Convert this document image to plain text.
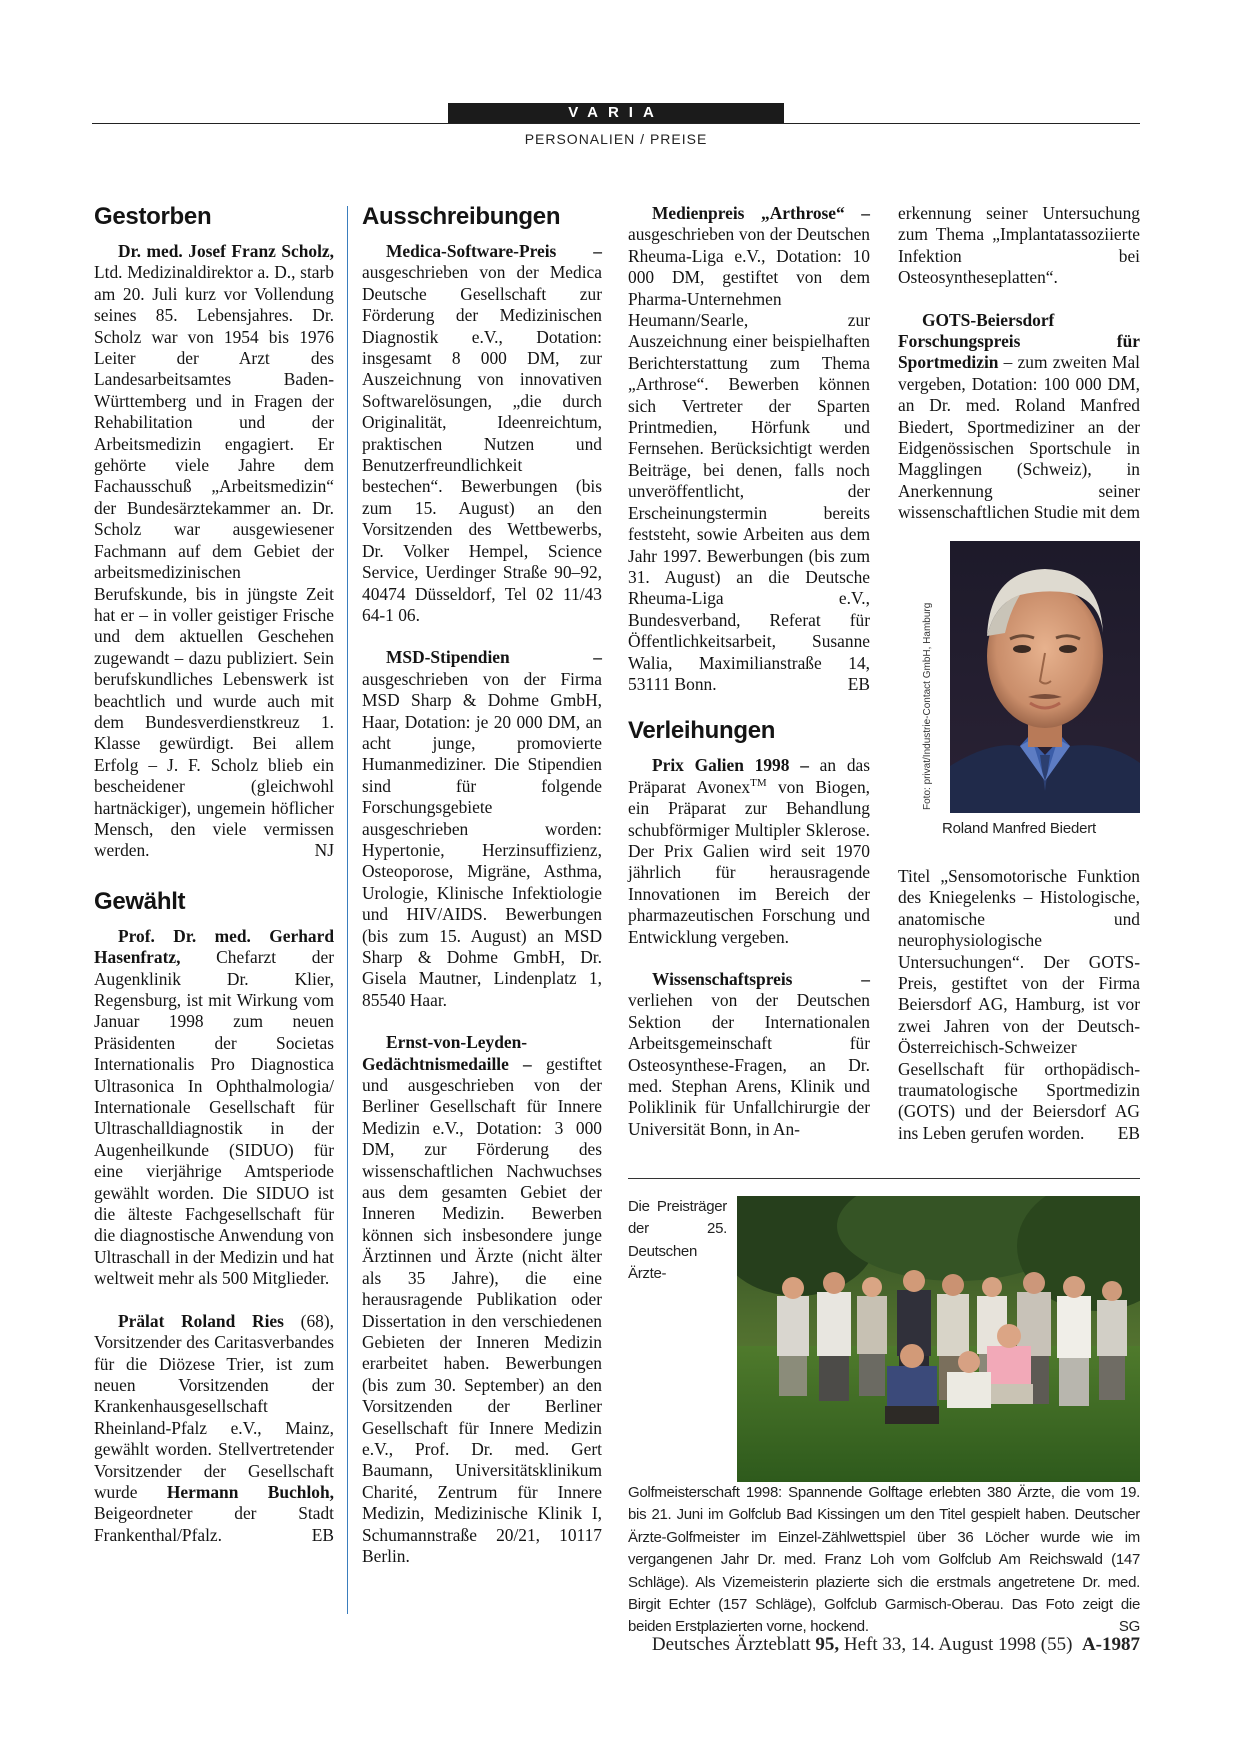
VARIA
PERSONALIEN / PREISE
Gestorben

Dr. med. Josef Franz Scholz, Ltd. Medizinaldirektor a. D., starb am 20. Juli kurz vor Vollendung seines 85. Lebensjahres. Dr. Scholz war von 1954 bis 1976 Leiter der Arzt des Landesarbeitsamtes Baden-Württemberg und in Fragen der Rehabilitation und der Arbeitsmedizin engagiert. Er gehörte viele Jahre dem Fachausschuß „Arbeitsmedizin“ der Bundesärztekammer an. Dr. Scholz war ausgewiesener Fachmann auf dem Gebiet der arbeitsmedizinischen Berufskunde, bis in jüngste Zeit hat er – in voller geistiger Frische und dem aktuellen Geschehen zugewandt – dazu publiziert. Sein berufskundliches Lebenswerk ist beachtlich und wurde auch mit dem Bundesverdienstkreuz 1. Klasse gewürdigt. Bei allem Erfolg – J. F. Scholz blieb ein bescheidener (gleichwohl hartnäckiger), ungemein höflicher Mensch, den viele vermissen werden.	NJ

Gewählt

Prof. Dr. med. Gerhard Hasenfratz, Chefarzt der Augenklinik Dr. Klier, Regensburg, ist mit Wirkung vom Januar 1998 zum neuen Präsidenten der Societas Internationalis Pro Diagnostica Ultrasonica In Ophthalmologia/ Internationale Gesellschaft für Ultraschalldiagnostik in der Augenheilkunde (SIDUO) für eine vierjährige Amtsperiode gewählt worden. Die SIDUO ist die älteste Fachgesellschaft für die diagnostische Anwendung von Ultraschall in der Medizin und hat weltweit mehr als 500 Mitglieder.

Prälat Roland Ries (68), Vorsitzender des Caritasverbandes für die Diözese Trier, ist zum neuen Vorsitzenden der Krankenhausgesellschaft Rheinland-Pfalz e.V., Mainz, gewählt worden. Stellvertretender Vorsitzender der Gesellschaft wurde Hermann Buchloh, Beigeordneter der Stadt Frankenthal/Pfalz.	EB

Ausschreibungen

Medica-Software-Preis – ausgeschrieben von der Medica Deutsche Gesellschaft zur Förderung der Medizinischen Diagnostik e.V., Dotation: insgesamt 8 000 DM, zur Auszeichnung von innovativen Softwarelösungen, „die durch Originalität, Ideenreichtum, praktischen Nutzen und Benutzerfreundlichkeit bestechen“. Bewerbungen (bis zum 15. August) an den Vorsitzenden des Wettbewerbs, Dr. Volker Hempel, Science Service, Uerdinger Straße 90–92, 40474 Düsseldorf, Tel 02 11/43 64-1 06.

MSD-Stipendien – ausgeschrieben von der Firma MSD Sharp & Dohme GmbH, Haar, Dotation: je 20 000 DM, an acht junge, promovierte Humanmediziner. Die Stipendien sind für folgende Forschungsgebiete ausgeschrieben worden: Hypertonie, Herzinsuffizienz, Osteoporose, Migräne, Asthma, Urologie, Klinische Infektiologie und HIV/AIDS. Bewerbungen (bis zum 15. August) an MSD Sharp & Dohme GmbH, Dr. Gisela Mautner, Lindenplatz 1, 85540 Haar.

Ernst-von-Leyden-Gedächtnismedaille – gestiftet und ausgeschrieben von der Berliner Gesellschaft für Innere Medizin e.V., Dotation: 3 000 DM, zur Förderung des wissenschaftlichen Nachwuchses aus dem gesamten Gebiet der Inneren Medizin. Bewerben können sich insbesondere junge Ärztinnen und Ärzte (nicht älter als 35 Jahre), die eine herausragende Publikation oder Dissertation in den verschiedenen Gebieten der Inneren Medizin erarbeitet haben. Bewerbungen (bis zum 30. September) an den Vorsitzenden der Berliner Gesellschaft für Innere Medizin e.V., Prof. Dr. med. Gert Baumann, Universitätsklinikum Charité, Zentrum für Innere Medizin, Medizinische Klinik I, Schumannstraße 20/21, 10117 Berlin.

Medienpreis „Arthrose“ – ausgeschrieben von der Deutschen Rheuma-Liga e.V., Dotation: 10 000 DM, gestiftet von dem Pharma-Unternehmen Heumann/Searle, zur Auszeichnung einer beispielhaften Berichterstattung zum Thema „Arthrose“. Bewerben können sich Vertreter der Sparten Printmedien, Hörfunk und Fernsehen. Berücksichtigt werden Beiträge, bei denen, falls noch unveröffentlicht, der Erscheinungstermin bereits feststeht, sowie Arbeiten aus dem Jahr 1997. Bewerbungen (bis zum 31. August) an die Deutsche Rheuma-Liga e.V., Bundesverband, Referat für Öffentlichkeitsarbeit, Susanne Walia, Maximilianstraße 14, 53111 Bonn.	EB

Verleihungen

Prix Galien 1998 – an das Präparat Avonex™ von Biogen, ein Präparat zur Behandlung schubförmiger Multipler Sklerose. Der Prix Galien wird seit 1970 jährlich für herausragende Innovationen im Bereich der pharmazeutischen Forschung und Entwicklung vergeben.

Wissenschaftspreis – verliehen von der Deutschen Sektion der Internationalen Arbeitsgemeinschaft für Osteosynthese-Fragen, an Dr. med. Stephan Arens, Klinik und Poliklinik für Unfallchirurgie der Universität Bonn, in An-

erkennung seiner Untersuchung zum Thema „Implantatassoziierte Infektion bei Osteosyntheseplatten“.

GOTS-Beiersdorf Forschungspreis für Sportmedizin – zum zweiten Mal vergeben, Dotation: 100 000 DM, an Dr. med. Roland Manfred Biedert, Sportmediziner an der Eidgenössischen Sportschule in Magglingen (Schweiz), in Anerkennung seiner wissenschaftlichen Studie mit dem

Titel „Sensomotorische Funktion des Kniegelenks – Histologische, anatomische und neurophysiologische Untersuchungen“. Der GOTS-Preis, gestiftet von der Firma Beiersdorf AG, Hamburg, ist vor zwei Jahren von der Deutsch-Österreichisch-Schweizer Gesellschaft für orthopädisch-traumatologische Sportmedizin (GOTS) und der Beiersdorf AG ins Leben gerufen worden. EB

Foto: privat/Industrie-Contact GmbH, Hamburg
Roland Manfred Biedert
Die Preisträger der 25. Deutschen Ärzte-Golfmeisterschaft 1998: Spannende Golftage erlebten 380 Ärzte, die vom 19. bis 21. Juni im Golfclub Bad Kissingen um den Titel gespielt haben. Deutscher Ärzte-Golfmeister im Einzel-Zählwettspiel über 36 Löcher wurde wie im vergangenen Jahr Dr. med. Franz Loh vom Golfclub Am Reichswald (147 Schläge). Als Vizemeisterin plazierte sich die erstmals angetretene Dr. med. Birgit Echter (157 Schläge), Golfclub Garmisch-Oberau. Das Foto zeigt die beiden Erstplazierten vorne, hockend.	SG
Deutsches Ärzteblatt 95, Heft 33, 14. August 1998 (55) A-1987
